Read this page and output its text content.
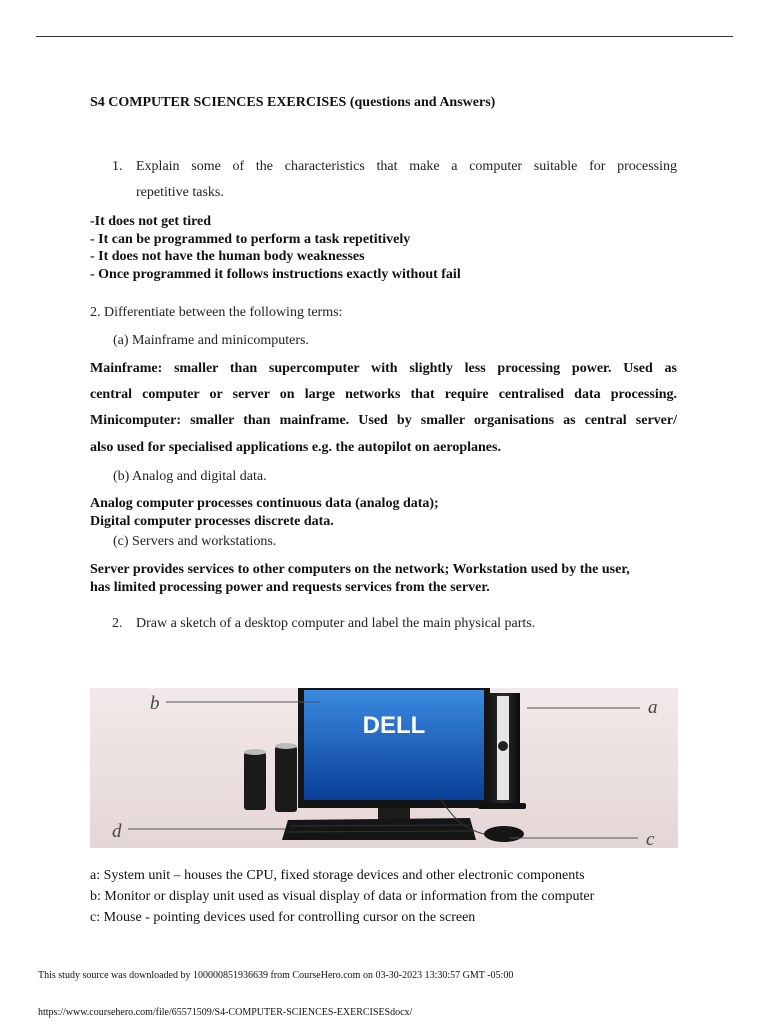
S4 COMPUTER SCIENCES EXERCISES (questions and Answers)
1. Explain some of the characteristics that make a computer suitable for processing
repetitive tasks.
-It does not get tired
- It can be programmed to perform a task repetitively
- It does not have the human body weaknesses
- Once programmed it follows instructions exactly without fail
2. Differentiate between the following terms:
(a) Mainframe and minicomputers.
Mainframe: smaller than supercomputer with slightly less processing power. Used as
central computer or server on large networks that require centralised data processing.
Minicomputer: smaller than mainframe. Used by smaller organisations as central server/
also used for specialised applications e.g. the autopilot on aeroplanes.
(b) Analog and digital data.
Analog computer processes continuous data (analog data);
Digital computer processes discrete data.
(c) Servers and workstations.
Server provides services to other computers on the network; Workstation used by the user,
has limited processing power and requests services from the server.
2. Draw a sketch of a desktop computer and label the main physical parts.
DELL
b	a
c
d
a: System unit – houses the CPU, fixed storage devices and other electronic components
b: Monitor or display unit used as visual display of data or information from the computer
c: Mouse - pointing devices used for controlling cursor on the screen
This study source was downloaded by 100000851936639 from CourseHero.com on 03-30-2023 13:30:57 GMT -05:00
https://www.coursehero.com/file/65571509/S4-COMPUTER-SCIENCES-EXERCISESdocx/
